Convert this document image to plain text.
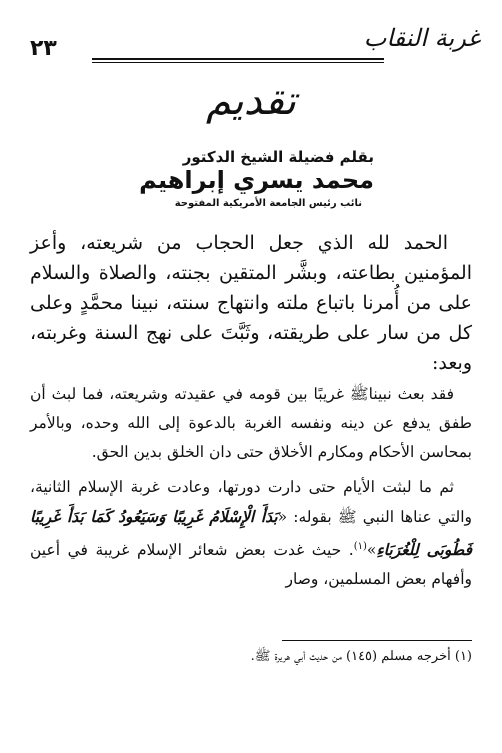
٢٣	غربة النقاب
تقديم
بقلم فضيلة الشيخ الدكتور
محمد يسري إبراهيم
نائب رئيس الجامعة الأمريكية المفتوحة

الحمد لله الذي جعل الحجاب من شريعته، وأعز المؤمنين بطاعته، وبشَّر المتقين بجنته، والصلاة والسلام على من أُمرنا باتباع ملته وانتهاج سنته، نبينا محمَّدٍ وعلى كل من سار على طريقته، وثَبَّتَ على نهج السنة وغربته، وبعد:

فقد بعث نبيناﷺ غريبًا بين قومه في عقيدته وشريعته، فما لبث أن طفق يدفع عن دينه ونفسه الغربة بالدعوة إلى الله وحده، وبالأمر بمحاسن الأحكام ومكارم الأخلاق حتى دان الخلق بدين الحق.

ثم ما لبثت الأيام حتى دارت دورتها، وعادت غربة الإسلام الثانية، والتي عناها النبي ﷺ بقوله: «بَدَأَ الْإِسْلَامُ غَرِيبًا وَسَيَعُودُ كَمَا بَدَأَ غَرِيبًا فَطُوبَى لِلْغُرَبَاءِ»$^{(١)}$. حيث غدت بعض شعائر الإسلام غريبة في أعين وأفهام بعض المسلمين، وصار

(١) أخرجه مسلم (١٤٥) من حديث أبي هريرة ﷺ.
